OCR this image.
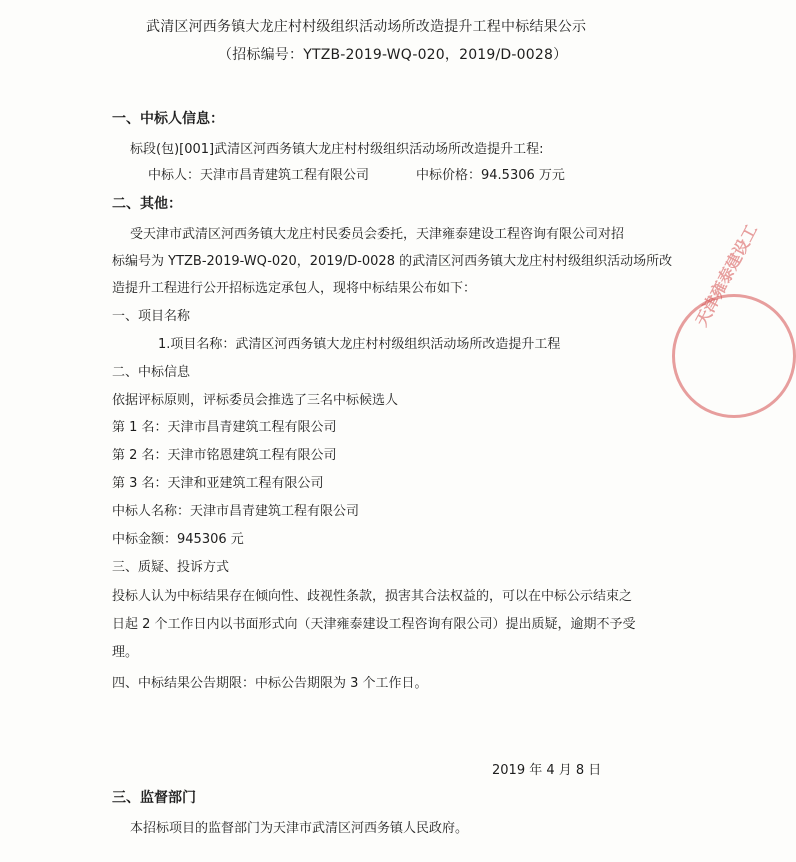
武清区河西务镇大龙庄村村级组织活动场所改造提升工程中标结果公示
（招标编号：YTZB-2019-WQ-020，2019/D-0028）
一、中标人信息：
标段(包)[001]武清区河西务镇大龙庄村村级组织活动场所改造提升工程:
中标人：天津市昌青建筑工程有限公司	中标价格：94.5306 万元
二、其他：
受天津市武清区河西务镇大龙庄村民委员会委托，天津雍泰建设工程咨询有限公司对招
标编号为 YTZB-2019-WQ-020，2019/D-0028 的武清区河西务镇大龙庄村村级组织活动场所改
造提升工程进行公开招标选定承包人，现将中标结果公布如下：
一、项目名称
1.项目名称：武清区河西务镇大龙庄村村级组织活动场所改造提升工程
二、中标信息
依据评标原则，评标委员会推选了三名中标候选人
第 1 名：天津市昌青建筑工程有限公司
第 2 名：天津市铭恩建筑工程有限公司
第 3 名：天津和亚建筑工程有限公司
中标人名称：天津市昌青建筑工程有限公司
中标金额：945306 元
三、质疑、投诉方式
投标人认为中标结果存在倾向性、歧视性条款，损害其合法权益的，可以在中标公示结束之
日起 2 个工作日内以书面形式向（天津雍泰建设工程咨询有限公司）提出质疑，逾期不予受
理。
四、中标结果公告期限：中标公告期限为 3 个工作日。
2019 年 4 月 8 日
三、监督部门
本招标项目的监督部门为天津市武清区河西务镇人民政府。
天津雍泰建设工
